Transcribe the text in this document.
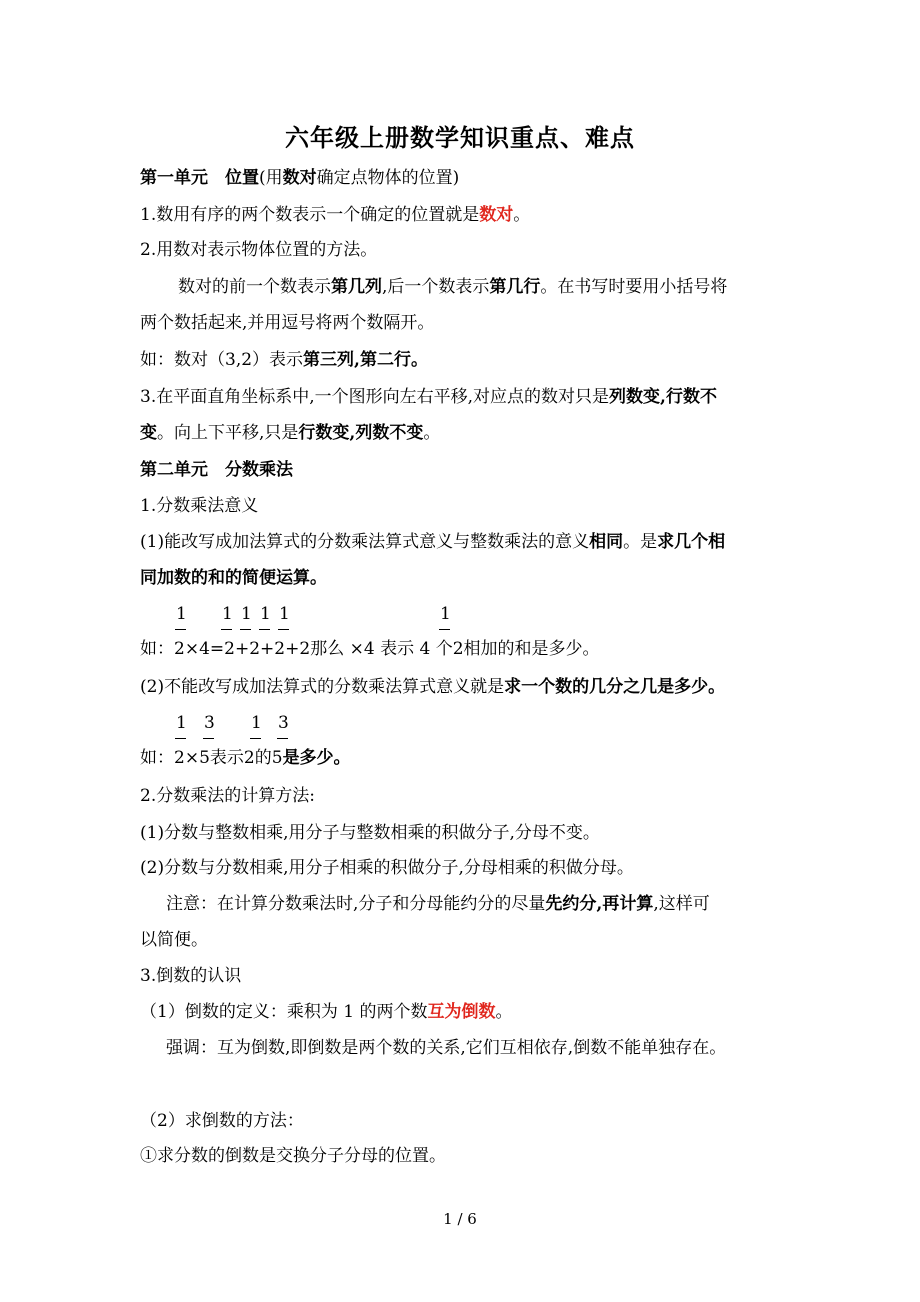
六年级上册数学知识重点、难点
第一单元　位置(用数对确定点物体的位置)
1.数用有序的两个数表示一个确定的位置就是数对。
2.用数对表示物体位置的方法。
数对的前一个数表示第几列,后一个数表示第几行。在书写时要用小括号将
两个数括起来,并用逗号将两个数隔开。
如：数对（3,2）表示第三列,第二行。
3.在平面直角坐标系中,一个图形向左右平移,对应点的数对只是列数变,行数不
变。向上下平移,只是行数变,列数不变。
第二单元　分数乘法
1.分数乘法意义
(1)能改写成加法算式的分数乘法算式意义与整数乘法的意义相同。是求几个相
同加数的和的简便运算。
1 1 1 1 1	1
如：2×4=2+2+2+2那么 ×4 表示 4 个2相加的和是多少。
(2)不能改写成加法算式的分数乘法算式意义就是求一个数的几分之几是多少。
1 3 1 3
如：2×5表示2的5是多少。
2.分数乘法的计算方法:
(1)分数与整数相乘,用分子与整数相乘的积做分子,分母不变。
(2)分数与分数相乘,用分子相乘的积做分子,分母相乘的积做分母。
注意：在计算分数乘法时,分子和分母能约分的尽量先约分,再计算,这样可
以简便。
3.倒数的认识
（1）倒数的定义：乘积为 1 的两个数互为倒数。
强调：互为倒数,即倒数是两个数的关系,它们互相依存,倒数不能单独存在。
（2）求倒数的方法：
①求分数的倒数是交换分子分母的位置。
1 / 6
